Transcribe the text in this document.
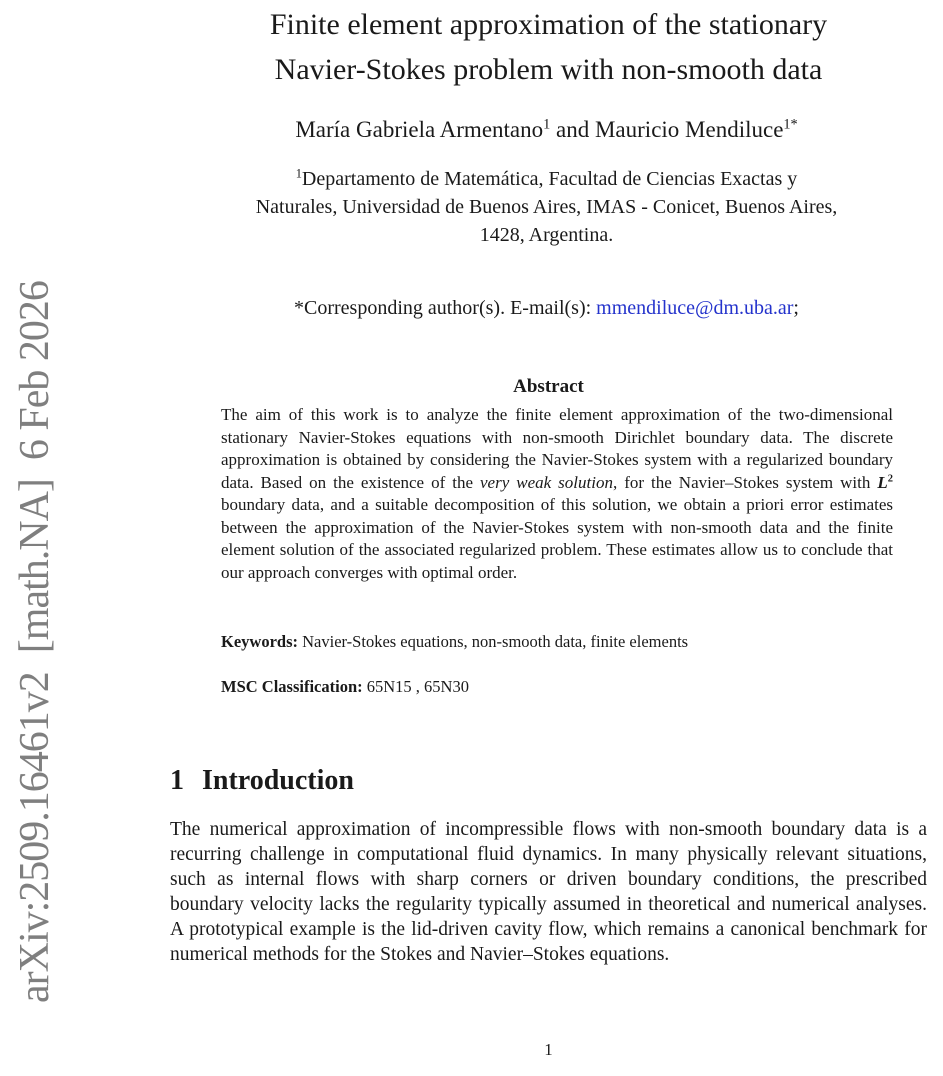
arXiv:2509.16461v2  [math.NA]  6 Feb 2026
Finite element approximation of the stationary
Navier-Stokes problem with non-smooth data
María Gabriela Armentano$^1$ and Mauricio Mendiluce$^{1*}$
$^1$Departamento de Matemática, Facultad de Ciencias Exactas y
Naturales, Universidad de Buenos Aires, IMAS - Conicet, Buenos Aires,
1428, Argentina.
*Corresponding author(s). E-mail(s): mmendiluce@dm.uba.ar;
Abstract

The aim of this work is to analyze the finite element approximation of the two-dimensional stationary Navier-Stokes equations with non-smooth Dirichlet boundary data. The discrete approximation is obtained by considering the Navier-Stokes system with a regularized boundary data. Based on the existence of the very weak solution, for the Navier–Stokes system with $L^2$ boundary data, and a suitable decomposition of this solution, we obtain a priori error estimates between the approximation of the Navier-Stokes system with non-smooth data and the finite element solution of the associated regularized problem. These estimates allow us to conclude that our approach converges with optimal order.

Keywords: Navier-Stokes equations, non-smooth data, finite elements
MSC Classification: 65N15 , 65N30
1 Introduction

The numerical approximation of incompressible flows with non-smooth boundary data is a recurring challenge in computational fluid dynamics. In many physically relevant situations, such as internal flows with sharp corners or driven boundary conditions, the prescribed boundary velocity lacks the regularity typically assumed in theoretical and numerical analyses. A prototypical example is the lid-driven cavity flow, which remains a canonical benchmark for numerical methods for the Stokes and Navier–Stokes equations.

1
